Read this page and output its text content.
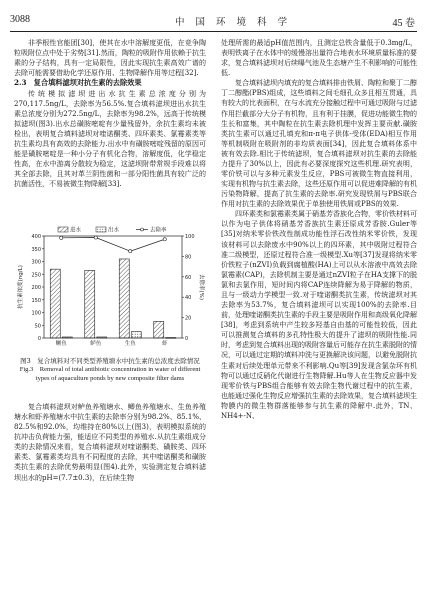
3088	中 国 环 境 科 学	45 卷

非季根性官能团[30]，使其在水中溶解度更低，在竞争陶粒吸附位点中处于劣势[31].然而，陶粒的吸附作用依赖于抗生素的分子结构，具有一定局限性，因此实现抗生素高效广谱的去除可能需要借助化学还原作用、生物降解作用等过程[32].

2.3　复合填料滤坝对抗生素的去除效果

传统模拟滤坝进出水抗生素总浓度分别为270,117.5ng/L，去除率为56.5%.复合填料滤坝进出水抗生素总浓度分别为272.5ng/L，去除率为98.2%，远高于传统模拟滤坝(图3).出水总磺胺嘧啶有少量残留外，余抗生素均未被检出，表明复合填料滤坝对喹诺酮类、四环素类、氯霉素类等抗生素均具有高效的去除能力.出水中有磺胺嘧啶残留的原因可能是磺胺嘧啶是一种小分子有机化合物，溶解度低，化学稳定性高，在水中游离分散较为稳定，这滤坝附带常规手段难以将其全部去除，且其对革兰阴性菌和一部分阳性菌具有较广泛的抗菌活性，不易被微生物降解[33].

0
50
100
150
200
250
300
350
400
0
20
40
60
80
100
抗生素浓度(ng/L)	去除率(%)
鳜鱼	鲈鱼	生鱼	虾
进水	出水	去除率
图3　复合填料对不同类型养殖塘水中抗生素的总浓度去除情况
Fig.3　Removal of total antibiotic concentration in water of different types of aquaculture ponds by new composite filter dams

复合填料滤坝对鲈鱼养殖塘水、鲫鱼养殖塘水、生鱼养殖塘水和虾养殖塘水中抗生素的去除率分别为98.2%、85.1%、82.5%和92.0%，均维持在80%以上(图3)，表明模拟系统的抗冲击负荷能力强，能适应不同类型的养殖水.从抗生素组成分类的去除情况来看，复合填料滤坝对喹诺酮类、磺胺类、四环素类、氯霉素类均具有不同程度的去除，其中喹诺酮类和磺胺类抗生素的去除优势最明显(图4).此外，实验测定复合填料滤坝出水的pH=(7.7±0.3)，在后续生物

处理所需的最适pH值范围内，且测定总铁含量低于0.3mg/L，表明铁离子在水体中的缓慢溶出量符合地表水环境质量标准的要求，复合填料滤坝对后续曝气池及生态塘产生不利影响的可能性低.

复合填料滤坝内填充的复合填料排由铁屑、陶粒和聚丁二醇丁二醇酯(PBS)组成，这些填料之间毛细孔众多且相互贯通，具有较大的比表面积，在与水流充分接触过程中可通过吸附与过滤作用拦截部分大分子有机物，且有利于挂膜，促进功能微生物的生长和富集，其中陶粒在抗生素去除机理中发挥主要贡献.磺胺类抗生素可以通过孔填充和π-π电子供体-受体(EDA)相互作用等机制吸附在吸附剂的非均质表面[34]，因此复合填料体系中被有效去除.相比于传统滤坝，复合填料滤坝对抗生素的去除能力提升了30%以上，因此有必要深度探究这些机理.研究表明，零价铁可以与多种元素发生反应，PBS可被微生物直接利用，实现有机物与抗生素去除，这些还原作用可以促进难降解的有机污染物降解，提高了抗生素的去除率.研究发现铁屑与PBS联合作用对抗生素的去除效果优于单独使用铁屑或PBS的效果.

四环素类和氯霉素类属于硝基芳香族化合物，零价铁材料可以作为电子供体将硝基芳香族抗生素还原成芳香胺.Guler等[35]对纳米零价铁改性制成功能性浮石改性纳米零价铁，发现该材料可以去除废水中90%以上的四环素，其中吸附过程符合准二级模型，还原过程符合准一级模型.Xu等[37]发现将纳米零价铁粒子(nZVI)负载到腐植酸(HA)上可以从水溶液中高效去除氯霉素(CAP)，去除机制主要是通过nZVI粒子在HA支撑下的脱氯和去氯作用，短时间内将CAP连续降解为易于降解的物质，且与一级动力学模型一致.对于喹诺酮类抗生素，传统滤坝对其去除率为53.7%，复合填料滤坝可以实现100%的去除率.目前，处理喹诺酮类抗生素的手段主要是吸附作用和高级氧化降解[38]，考虑到系统中产生较多羟基自由基的可能性较低，因此可以推测复合填料的多孔特性极大的提升了滤坝的吸附性能.同时，考虑到复合填料出现的吸附容量后可能存在抗生素脱附的情况，可以通过定期的填料冲洗与更换解决该问题，以避免脱附抗生素对后续处理单元带来不利影响.Qu等[39]发现含氯杂环有机物可以通过反硝化代谢进行生物降解.Hu等人在生物反应器中发现零价铁与PBS组合能够有效去除生物代谢过程中的抗生素，也能通过强化生物反应增强抗生素的去除效果，复合填料滤坝生物膜内的微生物群落能够参与抗生素的降解中.此外，TN、NH4+-N、
